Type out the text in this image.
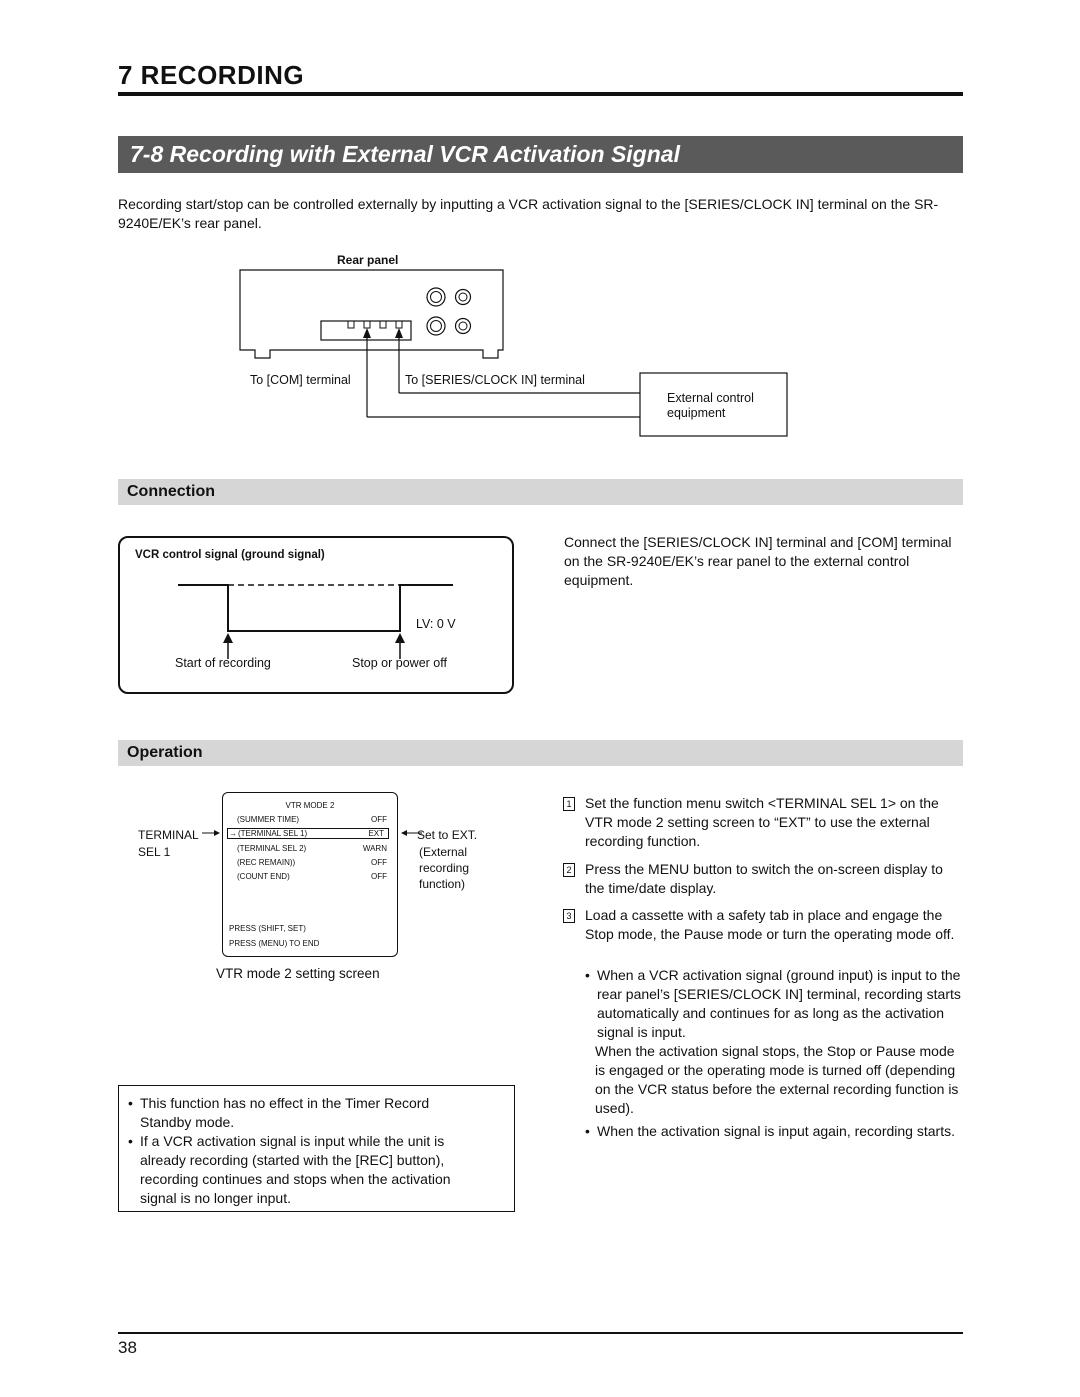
7 RECORDING
7-8 Recording with External VCR Activation Signal
Recording start/stop can be controlled externally by inputting a VCR activation signal to the [SERIES/CLOCK IN] terminal on the SR-9240E/EK’s rear panel.
Rear panel
To [COM] terminal	To [SERIES/CLOCK IN] terminal
External control
equipment
Connection
VCR control signal (ground signal)
LV: 0 V
Start of recording	Stop or power off
Connect the [SERIES/CLOCK IN] terminal and [COM] terminal on the SR-9240E/EK’s rear panel to the external control equipment.
Operation
TERMINAL
SEL 1
VTR MODE 2
(SUMMER TIME)	OFF
→ (TERMINAL SEL 1)	EXT
(TERMINAL SEL 2)	WARN
(REC REMAIN))	OFF
(COUNT END)	OFF
PRESS (SHIFT, SET)
PRESS (MENU) TO END
Set to EXT.
(External
recording
function)
VTR mode 2 setting screen
1 Set the function menu switch <TERMINAL SEL 1> on the VTR mode 2 setting screen to “EXT” to use the external recording function.
2 Press the MENU button to switch the on-screen display to the time/date display.
3 Load a cassette with a safety tab in place and engage the Stop mode, the Pause mode or turn the operating mode off.
• When a VCR activation signal (ground input) is input to the rear panel’s [SERIES/CLOCK IN] terminal, recording starts automatically and continues for as long as the activation signal is input.
When the activation signal stops, the Stop or Pause mode is engaged or the operating mode is turned off (depending on the VCR status before the external recording function is used).
• When the activation signal is input again, recording starts.
• This function has no effect in the Timer Record Standby mode.
• If a VCR activation signal is input while the unit is already recording (started with the [REC] button), recording continues and stops when the activation signal is no longer input.
38
